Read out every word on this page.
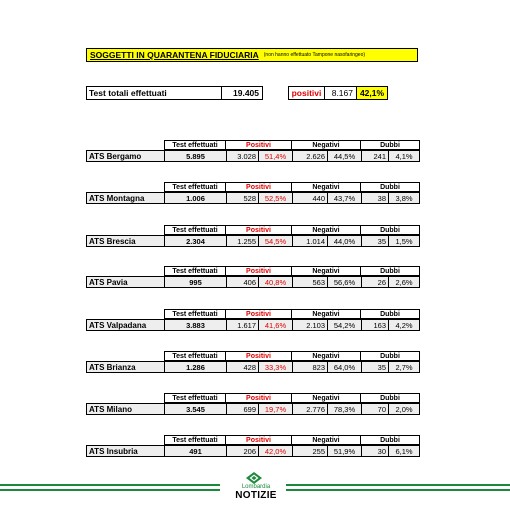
SOGGETTI IN QUARANTENA FIDUCIARIA (non hanno effettuato Tampone nasofaringeo)
Test totali effettuati	19.405	positivi	8.167 42,1%
Test effettuati	Positivi	Negativi	Dubbi
ATS Bergamo	5.895	3.028	51,4%	2.626	44,5%	241	4,1%
Test effettuati	Positivi	Negativi	Dubbi
ATS Montagna	1.006	528	52,5%	440	43,7%	38	3,8%
Test effettuati	Positivi	Negativi	Dubbi
ATS Brescia	2.304	1.255	54,5%	1.014	44,0%	35	1,5%
Test effettuati	Positivi	Negativi	Dubbi
ATS Pavia	995	406	40,8%	563	56,6%	26	2,6%
Test effettuati	Positivi	Negativi	Dubbi
ATS Valpadana	3.883	1.617	41,6%	2.103	54,2%	163	4,2%
Test effettuati	Positivi	Negativi	Dubbi
ATS Brianza	1.286	428	33,3%	823	64,0%	35	2,7%
Test effettuati	Positivi	Negativi	Dubbi
ATS Milano	3.545	699	19,7%	2.776	78,3%	70	2,0%
Test effettuati	Positivi	Negativi	Dubbi
ATS Insubria	491	206	42,0%	255	51,9%	30	6,1%
Lombardia
NOTIZIE
